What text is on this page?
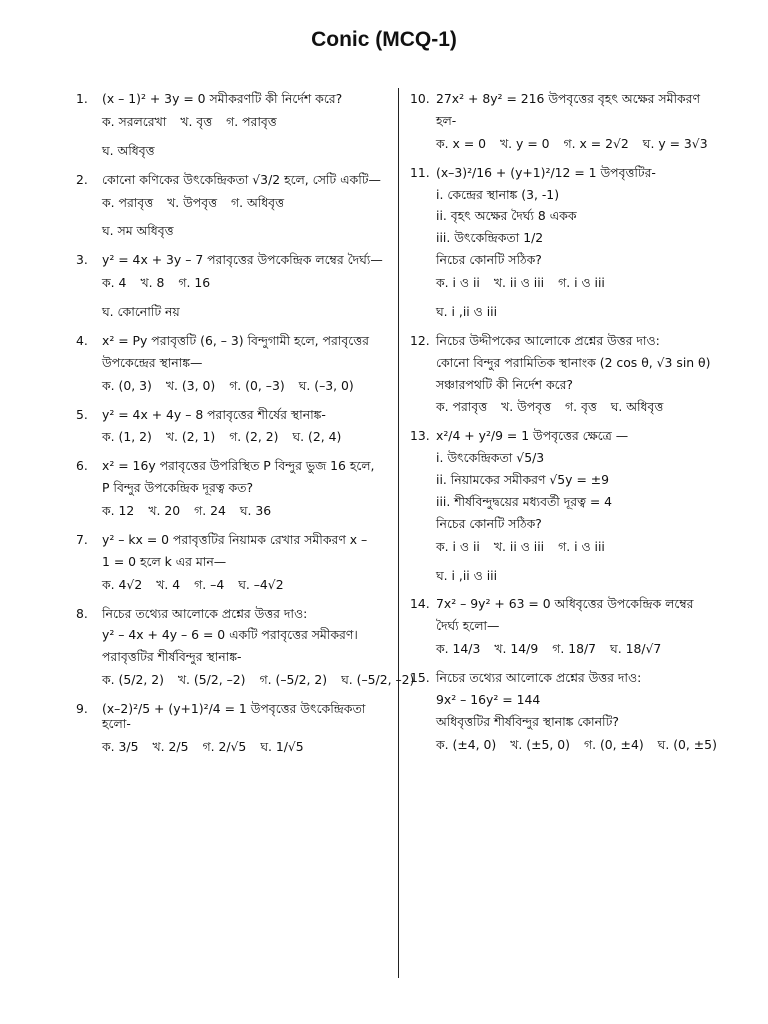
Conic (MCQ-1)
1. (x – 1)² + 3y = 0 সমীকরণটি কী নির্দেশ করে?
ক. সরলরেখা খ. বৃত্ত গ. পরাবৃত্ত
ঘ. অধিবৃত্ত
2. কোনো কণিকের উৎকেন্দ্রিকতা √3/2 হলে, সেটি একটি—
ক. পরাবৃত্ত খ. উপবৃত্ত গ. অধিবৃত্ত
ঘ. সম অধিবৃত্ত
3. y² = 4x + 3y – 7 পরাবৃত্তের উপকেন্দ্রিক লম্বের দৈর্ঘ্য—
ক. 4 খ. 8 গ. 16
ঘ. কোনোটি নয়
4. x² = Py পরাবৃত্তটি (6, – 3) বিন্দুগামী হলে, পরাবৃত্তের
উপকেন্দ্রের স্থানাঙ্ক—
ক. (0, 3) খ. (3, 0) গ. (0, –3) ঘ. (–3, 0)
5. y² = 4x + 4y – 8 পরাবৃত্তের শীর্ষের স্থানাঙ্ক-
ক. (1, 2) খ. (2, 1) গ. (2, 2) ঘ. (2, 4)
6. x² = 16y পরাবৃত্তের উপরিস্থিত P বিন্দুর ভুজ 16 হলে,
P বিন্দুর উপকেন্দ্রিক দূরত্ব কত?
ক. 12 খ. 20 গ. 24 ঘ. 36
7. y² – kx = 0 পরাবৃত্তটির নিয়ামক রেখার সমীকরণ x –
1 = 0 হলে k এর মান—
ক. 4√2 খ. 4 গ. –4 ঘ. –4√2
8. নিচের তথ্যের আলোকে প্রশ্নের উত্তর দাও:
y² – 4x + 4y – 6 = 0 একটি পরাবৃত্তের সমীকরণ।
পরাবৃত্তটির শীর্ষবিন্দুর স্থানাঙ্ক-
ক. (5/2, 2) খ. (5/2, –2) গ. (–5/2, 2) ঘ. (–5/2, –2)
9. (x–2)²/5 + (y+1)²/4 = 1 উপবৃত্তের উৎকেন্দ্রিকতা হলো-
ক. 3/5 খ. 2/5 গ. 2/√5 ঘ. 1/√5
10. 27x² + 8y² = 216 উপবৃত্তের বৃহৎ অক্ষের সমীকরণ
হল-
ক. x = 0 খ. y = 0 গ. x = 2√2 ঘ. y = 3√3
11. (x–3)²/16 + (y+1)²/12 = 1 উপবৃত্তটির-
i. কেন্দ্রের স্থানাঙ্ক (3, -1)
ii. বৃহৎ অক্ষের দৈর্ঘ্য 8 একক
iii. উৎকেন্দ্রিকতা 1/2
নিচের কোনটি সঠিক?
ক. i ও ii খ. ii ও iii গ. i ও iii
ঘ. i ,ii ও iii
12. নিচের উদ্দীপকের আলোকে প্রশ্নের উত্তর দাও:
কোনো বিন্দুর পরামিতিক স্থানাংক (2 cos θ, √3 sin θ)
সঞ্চারপথটি কী নির্দেশ করে?
ক. পরাবৃত্ত খ. উপবৃত্ত গ. বৃত্ত ঘ. অধিবৃত্ত
13. x²/4 + y²/9 = 1 উপবৃত্তের ক্ষেত্রে —
i. উৎকেন্দ্রিকতা √5/3
ii. নিয়ামকের সমীকরণ √5y = ±9
iii. শীর্ষবিন্দুদ্বয়ের মধ্যবর্তী দূরত্ব = 4
নিচের কোনটি সঠিক?
ক. i ও ii খ. ii ও iii গ. i ও iii
ঘ. i ,ii ও iii
14. 7x² – 9y² + 63 = 0 অধিবৃত্তের উপকেন্দ্রিক লম্বের
দৈর্ঘ্য হলো—
ক. 14/3 খ. 14/9 গ. 18/7 ঘ. 18/√7
15. নিচের তথ্যের আলোকে প্রশ্নের উত্তর দাও:
9x² – 16y² = 144
অধিবৃত্তটির শীর্ষবিন্দুর স্থানাঙ্ক কোনটি?
ক. (±4, 0) খ. (±5, 0) গ. (0, ±4) ঘ. (0, ±5)
